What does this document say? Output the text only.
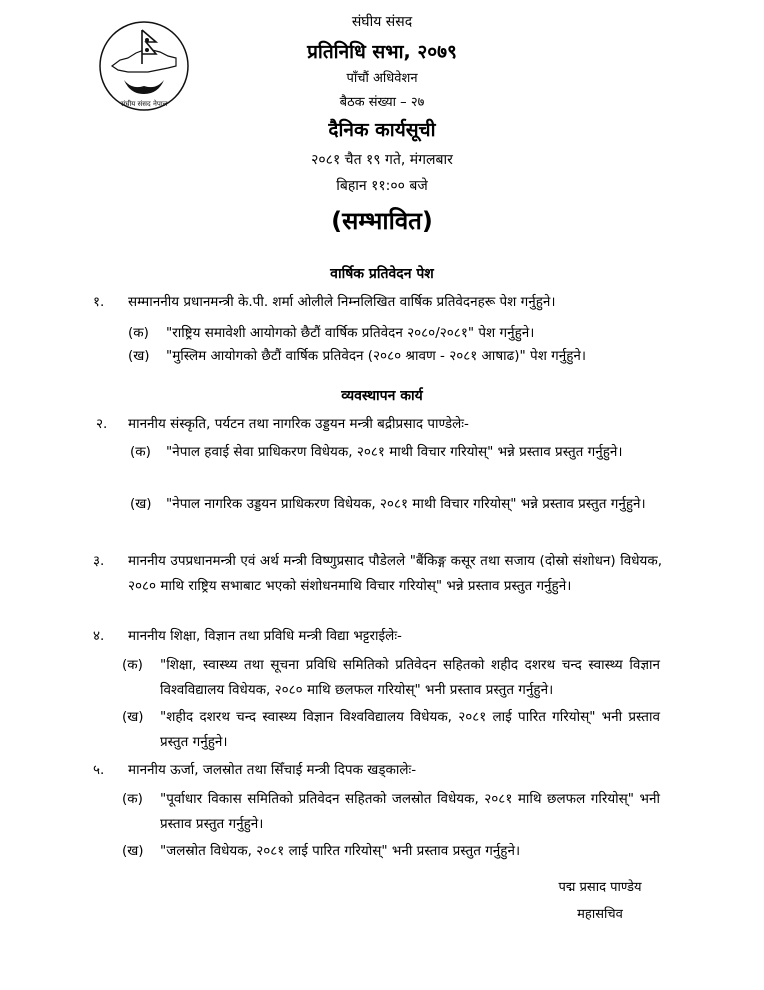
संघीय संसद नेपाल
संघीय संसद
प्रतिनिधि सभा, २०७९
पाँचौं अधिवेशन
बैठक संख्या – २७
दैनिक कार्यसूची
२०८१ चैत १९ गते, मंगलबार
बिहान ११:०० बजे
(सम्भावित)
वार्षिक प्रतिवेदन पेश
१. सम्माननीय प्रधानमन्त्री के.पी. शर्मा ओलीले निम्नलिखित वार्षिक प्रतिवेदनहरू पेश गर्नुहुने।
(क) "राष्ट्रिय समावेशी आयोगको छैटौं वार्षिक प्रतिवेदन २०८०/२०८१" पेश गर्नुहुने।
(ख) "मुस्लिम आयोगको छैटौं वार्षिक प्रतिवेदन (२०८० श्रावण - २०८१ आषाढ)" पेश गर्नुहुने।
व्यवस्थापन कार्य
२. माननीय संस्कृति, पर्यटन तथा नागरिक उड्डयन मन्त्री बद्रीप्रसाद पाण्डेलेः-
(क) "नेपाल हवाई सेवा प्राधिकरण विधेयक, २०८१ माथी विचार गरियोस्" भन्ने प्रस्ताव प्रस्तुत गर्नुहुने।
(ख) "नेपाल नागरिक उड्डयन प्राधिकरण विधेयक, २०८१ माथी विचार गरियोस्" भन्ने प्रस्ताव प्रस्तुत गर्नुहुने।
३. माननीय उपप्रधानमन्त्री एवं अर्थ मन्त्री विष्णुप्रसाद पौडेलले "बैंकिङ्ग कसूर तथा सजाय (दोस्रो संशोधन) विधेयक, २०८० माथि राष्ट्रिय सभाबाट भएको संशोधनमाथि विचार गरियोस्" भन्ने प्रस्ताव प्रस्तुत गर्नुहुने।
४. माननीय शिक्षा, विज्ञान तथा प्रविधि मन्त्री विद्या भट्टराईलेः-
(क) "शिक्षा, स्वास्थ्य तथा सूचना प्रविधि समितिको प्रतिवेदन सहितको शहीद दशरथ चन्द स्वास्थ्य विज्ञान विश्वविद्यालय विधेयक, २०८० माथि छलफल गरियोस्" भनी प्रस्ताव प्रस्तुत गर्नुहुने।
(ख) "शहीद दशरथ चन्द स्वास्थ्य विज्ञान विश्वविद्यालय विधेयक, २०८१ लाई पारित गरियोस्" भनी प्रस्ताव प्रस्तुत गर्नुहुने।
५. माननीय ऊर्जा, जलस्रोत तथा सिँचाई मन्त्री दिपक खड्कालेः-
(क) "पूर्वाधार विकास समितिको प्रतिवेदन सहितको जलस्रोत विधेयक, २०८१ माथि छलफल गरियोस्" भनी प्रस्ताव प्रस्तुत गर्नुहुने।
(ख) "जलस्रोत विधेयक, २०८१ लाई पारित गरियोस्" भनी प्रस्ताव प्रस्तुत गर्नुहुने।
पद्म प्रसाद पाण्डेय
महासचिव
